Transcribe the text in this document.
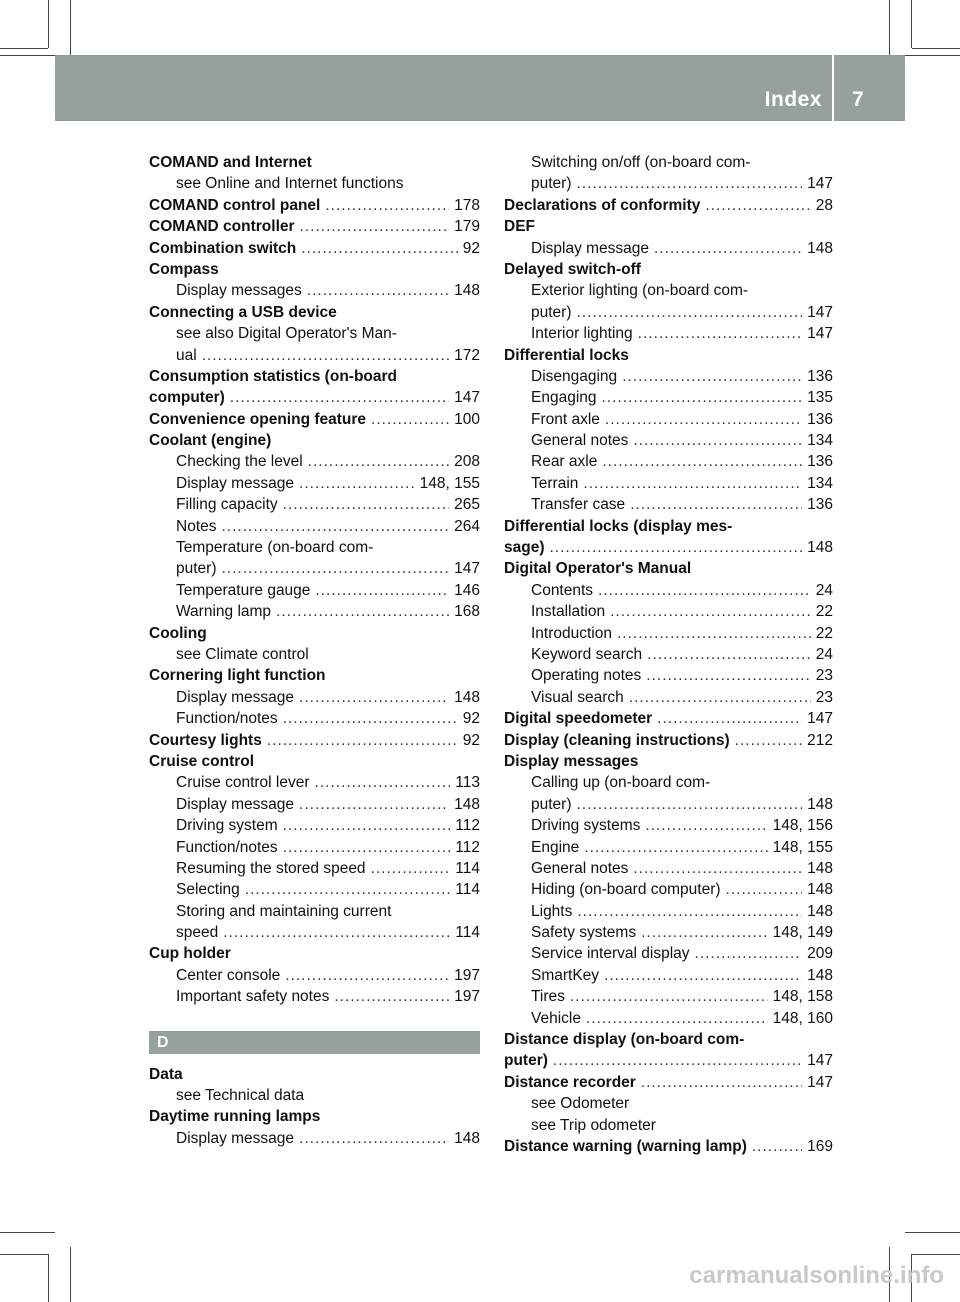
Index 7
COMAND and Internet
see Online and Internet functions
COMAND control panel .....	178
COMAND controller .....	179
Combination switch .....	92
Compass
Display messages .....	148
Connecting a USB device
see also Digital Operator's Man-
ual .....	172
Consumption statistics (on-board
computer) .....	147
Convenience opening feature .....	100
Coolant (engine)
Checking the level .....	208
Display message .....	148, 155
Filling capacity .....	265
Notes .....	264
Temperature (on-board com-
puter) .....	147
Temperature gauge .....	146
Warning lamp .....	168
Cooling
see Climate control
Cornering light function
Display message .....	148
Function/notes .....	92
Courtesy lights .....	92
Cruise control
Cruise control lever .....	113
Display message .....	148
Driving system .....	112
Function/notes .....	112
Resuming the stored speed .....	114
Selecting .....	114
Storing and maintaining current
speed .....	114
Cup holder
Center console .....	197
Important safety notes .....	197
D
Data
see Technical data
Daytime running lamps
Display message .....	148
Switching on/off (on-board com-
puter) .....	147
Declarations of conformity .....	28
DEF
Display message .....	148
Delayed switch-off
Exterior lighting (on-board com-
puter) .....	147
Interior lighting .....	147
Differential locks
Disengaging .....	136
Engaging .....	135
Front axle .....	136
General notes .....	134
Rear axle .....	136
Terrain .....	134
Transfer case .....	136
Differential locks (display mes-
sage) .....	148
Digital Operator's Manual
Contents .....	24
Installation .....	22
Introduction .....	22
Keyword search .....	24
Operating notes .....	23
Visual search .....	23
Digital speedometer .....	147
Display (cleaning instructions) .....	212
Display messages
Calling up (on-board com-
puter) .....	148
Driving systems .....	148, 156
Engine .....	148, 155
General notes .....	148
Hiding (on-board computer) .....	148
Lights .....	148
Safety systems .....	148, 149
Service interval display .....	209
SmartKey .....	148
Tires .....	148, 158
Vehicle .....	148, 160
Distance display (on-board com-
puter) .....	147
Distance recorder .....	147
see Odometer
see Trip odometer
Distance warning (warning lamp) .....	169
carmanualsonline.info
